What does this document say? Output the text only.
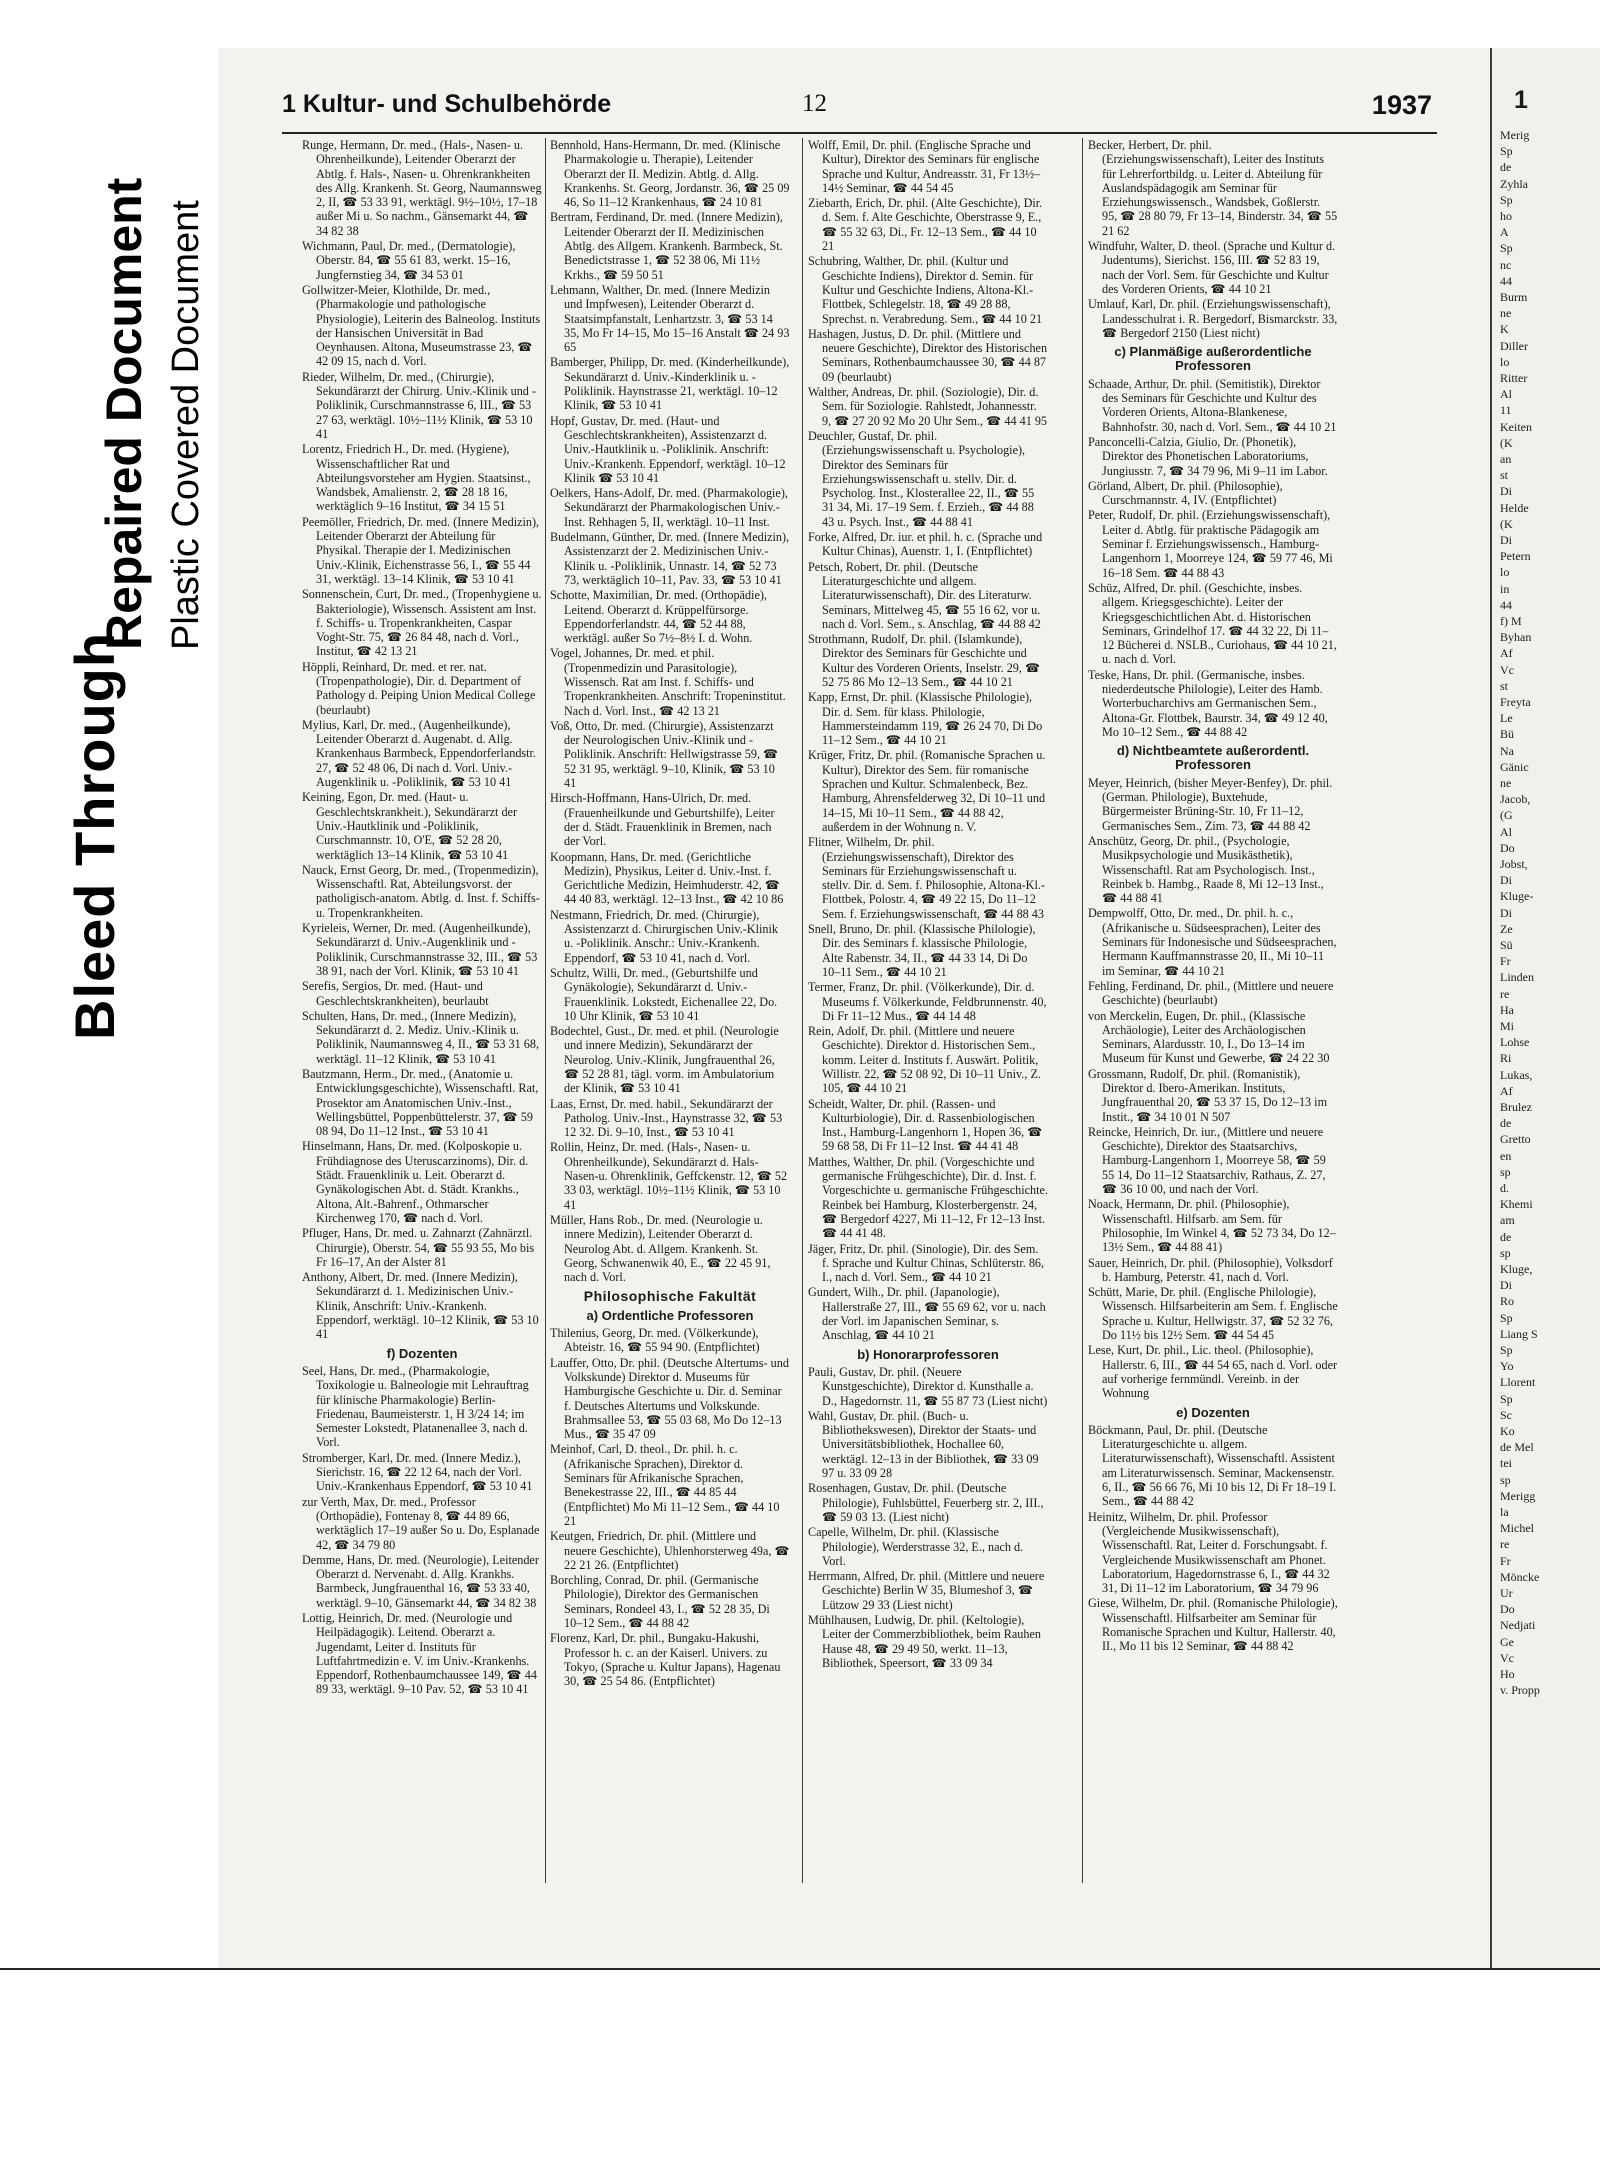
Bleed Through
Repaired Document Plastic Covered Document
1 Kultur- und Schulbehörde	12	1937
Runge, Hermann, Dr. med., (Hals-, Nasen- u. Ohrenheilkunde), Leitender Oberarzt der Abtlg. f. Hals-, Nasen- u. Ohrenkrankheiten des Allg. Krankenh. St. Georg, Naumannsweg 2, II, ☎ 53 33 91, werktägl. 9½–10½, 17–18 außer Mi u. So nachm., Gänsemarkt 44, ☎ 34 82 38
Wichmann, Paul, Dr. med., (Dermatologie), Oberstr. 84, ☎ 55 61 83, werkt. 15–16, Jungfernstieg 34, ☎ 34 53 01
Gollwitzer-Meier, Klothilde, Dr. med., (Pharmakologie und pathologische Physiologie), Leiterin des Balneolog. Instituts der Hansischen Universität in Bad Oeynhausen. Altona, Museumstrasse 23, ☎ 42 09 15, nach d. Vorl.
Rieder, Wilhelm, Dr. med., (Chirurgie), Sekundärarzt der Chirurg. Univ.-Klinik und -Poliklinik, Curschmannstrasse 6, III., ☎ 53 27 63, werktägl. 10½–11½ Klinik, ☎ 53 10 41
Lorentz, Friedrich H., Dr. med. (Hygiene), Wissenschaftlicher Rat und Abteilungsvorsteher am Hygien. Staatsinst., Wandsbek, Amalienstr. 2, ☎ 28 18 16, werktäglich 9–16 Institut, ☎ 34 15 51
Peemöller, Friedrich, Dr. med. (Innere Medizin), Leitender Oberarzt der Abteilung für Physikal. Therapie der I. Medizinischen Univ.-Klinik, Eichenstrasse 56, I., ☎ 55 44 31, werktägl. 13–14 Klinik, ☎ 53 10 41
Sonnenschein, Curt, Dr. med., (Tropenhygiene u. Bakteriologie), Wissensch. Assistent am Inst. f. Schiffs- u. Tropenkrankheiten, Caspar Voght-Str. 75, ☎ 26 84 48, nach d. Vorl., Institut, ☎ 42 13 21
Höppli, Reinhard, Dr. med. et rer. nat. (Tropenpathologie), Dir. d. Department of Pathology d. Peiping Union Medical College (beurlaubt)
Mylius, Karl, Dr. med., (Augenheilkunde), Leitender Oberarzt d. Augenabt. d. Allg. Krankenhaus Barmbeck, Eppendorferlandstr. 27, ☎ 52 48 06, Di nach d. Vorl. Univ.-Augenklinik u. -Poliklinik, ☎ 53 10 41
Keining, Egon, Dr. med. (Haut- u. Geschlechtskrankheit.), Sekundärarzt der Univ.-Hautklinik und -Poliklinik, Curschmannstr. 10, O'E, ☎ 52 28 20, werktäglich 13–14 Klinik, ☎ 53 10 41
Nauck, Ernst Georg, Dr. med., (Tropenmedizin), Wissenschaftl. Rat, Abteilungsvorst. der patholigisch-anatom. Abtlg. d. Inst. f. Schiffs- u. Tropenkrankheiten.
Kyrieleis, Werner, Dr. med. (Augenheilkunde), Sekundärarzt d. Univ.-Augenklinik und -Poliklinik, Curschmannstrasse 32, III., ☎ 53 38 91, nach der Vorl. Klinik, ☎ 53 10 41
Serefis, Sergios, Dr. med. (Haut- und Geschlechtskrankheiten), beurlaubt
Schulten, Hans, Dr. med., (Innere Medizin), Sekundärarzt d. 2. Mediz. Univ.-Klinik u. Poliklinik, Naumannsweg 4, II., ☎ 53 31 68, werktägl. 11–12 Klinik, ☎ 53 10 41
Bautzmann, Herm., Dr. med., (Anatomie u. Entwicklungsgeschichte), Wissenschaftl. Rat, Prosektor am Anatomischen Univ.-Inst., Wellingsbüttel, Poppenbüttelerstr. 37, ☎ 59 08 94, Do 11–12 Inst., ☎ 53 10 41
Hinselmann, Hans, Dr. med. (Kolposkopie u. Frühdiagnose des Uteruscarzinoms), Dir. d. Städt. Frauenklinik u. Leit. Oberarzt d. Gynäkologischen Abt. d. Städt. Krankhs., Altona, Alt.-Bahrenf., Othmarscher Kirchenweg 170, ☎ nach d. Vorl.
Pfluger, Hans, Dr. med. u. Zahnarzt (Zahnärztl. Chirurgie), Oberstr. 54, ☎ 55 93 55, Mo bis Fr 16–17, An der Alster 81
Anthony, Albert, Dr. med. (Innere Medizin), Sekundärarzt d. 1. Medizinischen Univ.-Klinik, Anschrift: Univ.-Krankenh. Eppendorf, werktägl. 10–12 Klinik, ☎ 53 10 41
f) Dozenten
Seel, Hans, Dr. med., (Pharmakologie, Toxikologie u. Balneologie mit Lehrauftrag für klinische Pharmakologie) Berlin-Friedenau, Baumeisterstr. 1, H 3/24 14; im Semester Lokstedt, Platanenallee 3, nach d. Vorl.
Stromberger, Karl, Dr. med. (Innere Mediz.), Sierichstr. 16, ☎ 22 12 64, nach der Vorl. Univ.-Krankenhaus Eppendorf, ☎ 53 10 41
zur Verth, Max, Dr. med., Professor (Orthopädie), Fontenay 8, ☎ 44 89 66, werktäglich 17–19 außer So u. Do, Esplanade 42, ☎ 34 79 80
Demme, Hans, Dr. med. (Neurologie), Leitender Oberarzt d. Nervenabt. d. Allg. Krankhs. Barmbeck, Jungfrauenthal 16, ☎ 53 33 40, werktägl. 9–10, Gänsemarkt 44, ☎ 34 82 38
Lottig, Heinrich, Dr. med. (Neurologie und Heilpädagogik). Leitend. Oberarzt a. Jugendamt, Leiter d. Instituts für Luftfahrtmedizin e. V. im Univ.-Krankenhs. Eppendorf, Rothenbaumchaussee 149, ☎ 44 89 33, werktägl. 9–10 Pav. 52, ☎ 53 10 41
Bennhold, Hans-Hermann, Dr. med. (Klinische Pharmakologie u. Therapie), Leitender Oberarzt der II. Medizin. Abtlg. d. Allg. Krankenhs. St. Georg, Jordanstr. 36, ☎ 25 09 46, So 11–12 Krankenhaus, ☎ 24 10 81
Bertram, Ferdinand, Dr. med. (Innere Medizin), Leitender Oberarzt der II. Medizinischen Abtlg. des Allgem. Krankenh. Barmbeck, St. Benedictstrasse 1, ☎ 52 38 06, Mi 11½ Krkhs., ☎ 59 50 51
Lehmann, Walther, Dr. med. (Innere Medizin und Impfwesen), Leitender Oberarzt d. Staatsimpfanstalt, Lenhartzstr. 3, ☎ 53 14 35, Mo Fr 14–15, Mo 15–16 Anstalt ☎ 24 93 65
Bamberger, Philipp, Dr. med. (Kinderheilkunde), Sekundärarzt d. Univ.-Kinderklinik u. -Poliklinik. Haynstrasse 21, werktägl. 10–12 Klinik, ☎ 53 10 41
Hopf, Gustav, Dr. med. (Haut- und Geschlechtskrankheiten), Assistenzarzt d. Univ.-Hautklinik u. -Poliklinik. Anschrift: Univ.-Krankenh. Eppendorf, werktägl. 10–12 Klinik ☎ 53 10 41
Oelkers, Hans-Adolf, Dr. med. (Pharmakologie), Sekundärarzt der Pharmakologischen Univ.-Inst. Rehhagen 5, II, werktägl. 10–11 Inst.
Budelmann, Günther, Dr. med. (Innere Medizin), Assistenzarzt der 2. Medizinischen Univ.-Klinik u. -Poliklinik, Unnastr. 14, ☎ 52 73 73, werktäglich 10–11, Pav. 33, ☎ 53 10 41
Schotte, Maximilian, Dr. med. (Orthopädie), Leitend. Oberarzt d. Krüppelfürsorge. Eppendorferlandstr. 44, ☎ 52 44 88, werktägl. außer So 7½–8½ I. d. Wohn.
Vogel, Johannes, Dr. med. et phil. (Tropenmedizin und Parasitologie), Wissensch. Rat am Inst. f. Schiffs- und Tropenkrankheiten. Anschrift: Tropeninstitut. Nach d. Vorl. Inst., ☎ 42 13 21
Voß, Otto, Dr. med. (Chirurgie), Assistenzarzt der Neurologischen Univ.-Klinik und -Poliklinik. Anschrift: Hellwigstrasse 59, ☎ 52 31 95, werktägl. 9–10, Klinik, ☎ 53 10 41
Hirsch-Hoffmann, Hans-Ulrich, Dr. med. (Frauenheilkunde und Geburtshilfe), Leiter der d. Städt. Frauenklinik in Bremen, nach der Vorl.
Koopmann, Hans, Dr. med. (Gerichtliche Medizin), Physikus, Leiter d. Univ.-Inst. f. Gerichtliche Medizin, Heimhuderstr. 42, ☎ 44 40 83, werktägl. 12–13 Inst., ☎ 42 10 86
Nestmann, Friedrich, Dr. med. (Chirurgie), Assistenzarzt d. Chirurgischen Univ.-Klinik u. -Poliklinik. Anschr.: Univ.-Krankenh. Eppendorf, ☎ 53 10 41, nach d. Vorl.
Schultz, Willi, Dr. med., (Geburtshilfe und Gynäkologie), Sekundärarzt d. Univ.-Frauenklinik. Lokstedt, Eichenallee 22, Do. 10 Uhr Klinik, ☎ 53 10 41
Bodechtel, Gust., Dr. med. et phil. (Neurologie und innere Medizin), Sekundärarzt der Neurolog. Univ.-Klinik, Jungfrauenthal 26, ☎ 52 28 81, tägl. vorm. im Ambulatorium der Klinik, ☎ 53 10 41
Laas, Ernst, Dr. med. habil., Sekundärarzt der Patholog. Univ.-Inst., Haynstrasse 32, ☎ 53 12 32. Di. 9–10, Inst., ☎ 53 10 41
Rollin, Heinz, Dr. med. (Hals-, Nasen- u. Ohrenheilkunde), Sekundärarzt d. Hals-Nasen-u. Ohrenklinik, Geffckenstr. 12, ☎ 52 33 03, werktägl. 10½–11½ Klinik, ☎ 53 10 41
Müller, Hans Rob., Dr. med. (Neurologie u. innere Medizin), Leitender Oberarzt d. Neurolog Abt. d. Allgem. Krankenh. St. Georg, Schwanenwik 40, E., ☎ 22 45 91, nach d. Vorl.
Philosophische Fakultät
a) Ordentliche Professoren
Thilenius, Georg, Dr. med. (Völkerkunde), Abteistr. 16, ☎ 55 94 90. (Entpflichtet)
Lauffer, Otto, Dr. phil. (Deutsche Altertums- und Volkskunde) Direktor d. Museums für Hamburgische Geschichte u. Dir. d. Seminar f. Deutsches Altertums und Volkskunde. Brahmsallee 53, ☎ 55 03 68, Mo Do 12–13 Mus., ☎ 35 47 09
Meinhof, Carl, D. theol., Dr. phil. h. c. (Afrikanische Sprachen), Direktor d. Seminars für Afrikanische Sprachen, Benekestrasse 22, III., ☎ 44 85 44 (Entpflichtet) Mo Mi 11–12 Sem., ☎ 44 10 21
Keutgen, Friedrich, Dr. phil. (Mittlere und neuere Geschichte), Uhlenhorsterweg 49a, ☎ 22 21 26. (Entpflichtet)
Borchling, Conrad, Dr. phil. (Germanische Philologie), Direktor des Germanischen Seminars, Rondeel 43, I., ☎ 52 28 35, Di 10–12 Sem., ☎ 44 88 42
Florenz, Karl, Dr. phil., Bungaku-Hakushi, Professor h. c. an der Kaiserl. Univers. zu Tokyo, (Sprache u. Kultur Japans), Hagenau 30, ☎ 25 54 86. (Entpflichtet)
Wolff, Emil, Dr. phil. (Englische Sprache und Kultur), Direktor des Seminars für englische Sprache und Kultur, Andreasstr. 31, Fr 13½–14½ Seminar, ☎ 44 54 45
Ziebarth, Erich, Dr. phil. (Alte Geschichte), Dir. d. Sem. f. Alte Geschichte, Oberstrasse 9, E., ☎ 55 32 63, Di., Fr. 12–13 Sem., ☎ 44 10 21
Schubring, Walther, Dr. phil. (Kultur und Geschichte Indiens), Direktor d. Semin. für Kultur und Geschichte Indiens, Altona-Kl.-Flottbek, Schlegelstr. 18, ☎ 49 28 88, Sprechst. n. Verabredung. Sem., ☎ 44 10 21
Hashagen, Justus, D. Dr. phil. (Mittlere und neuere Geschichte), Direktor des Historischen Seminars, Rothenbaumchaussee 30, ☎ 44 87 09 (beurlaubt)
Walther, Andreas, Dr. phil. (Soziologie), Dir. d. Sem. für Soziologie. Rahlstedt, Johannesstr. 9, ☎ 27 20 92 Mo 20 Uhr Sem., ☎ 44 41 95
Deuchler, Gustaf, Dr. phil. (Erziehungswissenschaft u. Psychologie), Direktor des Seminars für Erziehungswissenschaft u. stellv. Dir. d. Psycholog. Inst., Klosterallee 22, II., ☎ 55 31 34, Mi. 17–19 Sem. f. Erzieh., ☎ 44 88 43 u. Psych. Inst., ☎ 44 88 41
Forke, Alfred, Dr. iur. et phil. h. c. (Sprache und Kultur Chinas), Auenstr. 1, I. (Entpflichtet)
Petsch, Robert, Dr. phil. (Deutsche Literaturgeschichte und allgem. Literaturwissenschaft), Dir. des Literaturw. Seminars, Mittelweg 45, ☎ 55 16 62, vor u. nach d. Vorl. Sem., s. Anschlag, ☎ 44 88 42
Strothmann, Rudolf, Dr. phil. (Islamkunde), Direktor des Seminars für Geschichte und Kultur des Vorderen Orients, Inselstr. 29, ☎ 52 75 86 Mo 12–13 Sem., ☎ 44 10 21
Kapp, Ernst, Dr. phil. (Klassische Philologie), Dir. d. Sem. für klass. Philologie, Hammersteindamm 119, ☎ 26 24 70, Di Do 11–12 Sem., ☎ 44 10 21
Krüger, Fritz, Dr. phil. (Romanische Sprachen u. Kultur), Direktor des Sem. für romanische Sprachen und Kultur. Schmalenbeck, Bez. Hamburg, Ahrensfelderweg 32, Di 10–11 und 14–15, Mi 10–11 Sem., ☎ 44 88 42, außerdem in der Wohnung n. V.
Flitner, Wilhelm, Dr. phil. (Erziehungswissenschaft), Direktor des Seminars für Erziehungswissenschaft u. stellv. Dir. d. Sem. f. Philosophie, Altona-Kl.-Flottbek, Polostr. 4, ☎ 49 22 15, Do 11–12 Sem. f. Erziehungswissenschaft, ☎ 44 88 43
Snell, Bruno, Dr. phil. (Klassische Philologie), Dir. des Seminars f. klassische Philologie, Alte Rabenstr. 34, II., ☎ 44 33 14, Di Do 10–11 Sem., ☎ 44 10 21
Termer, Franz, Dr. phil. (Völkerkunde), Dir. d. Museums f. Völkerkunde, Feldbrunnenstr. 40, Di Fr 11–12 Mus., ☎ 44 14 48
Rein, Adolf, Dr. phil. (Mittlere und neuere Geschichte). Direktor d. Historischen Sem., komm. Leiter d. Instituts f. Auswärt. Politik, Willistr. 22, ☎ 52 08 92, Di 10–11 Univ., Z. 105, ☎ 44 10 21
Scheidt, Walter, Dr. phil. (Rassen- und Kulturbiologie), Dir. d. Rassenbiologischen Inst., Hamburg-Langenhorn 1, Hopen 36, ☎ 59 68 58, Di Fr 11–12 Inst. ☎ 44 41 48
Matthes, Walther, Dr. phil. (Vorgeschichte und germanische Frühgeschichte), Dir. d. Inst. f. Vorgeschichte u. germanische Frühgeschichte. Reinbek bei Hamburg, Klosterbergenstr. 24, ☎ Bergedorf 4227, Mi 11–12, Fr 12–13 Inst. ☎ 44 41 48.
Jäger, Fritz, Dr. phil. (Sinologie), Dir. des Sem. f. Sprache und Kultur Chinas, Schlüterstr. 86, I., nach d. Vorl. Sem., ☎ 44 10 21
Gundert, Wilh., Dr. phil. (Japanologie), Hallerstraße 27, III., ☎ 55 69 62, vor u. nach der Vorl. im Japanischen Seminar, s. Anschlag, ☎ 44 10 21
b) Honorarprofessoren
Pauli, Gustav, Dr. phil. (Neuere Kunstgeschichte), Direktor d. Kunsthalle a. D., Hagedornstr. 11, ☎ 55 87 73 (Liest nicht)
Wahl, Gustav, Dr. phil. (Buch- u. Bibliothekswesen), Direktor der Staats- und Universitätsbibliothek, Hochallee 60, werktägl. 12–13 in der Bibliothek, ☎ 33 09 97 u. 33 09 28
Rosenhagen, Gustav, Dr. phil. (Deutsche Philologie), Fuhlsbüttel, Feuerberg str. 2, III., ☎ 59 03 13. (Liest nicht)
Capelle, Wilhelm, Dr. phil. (Klassische Philologie), Werderstrasse 32, E., nach d. Vorl.
Herrmann, Alfred, Dr. phil. (Mittlere und neuere Geschichte) Berlin W 35, Blumeshof 3, ☎ Lützow 29 33 (Liest nicht)
Mühlhausen, Ludwig, Dr. phil. (Keltologie), Leiter der Commerzbibliothek, beim Rauhen Hause 48, ☎ 29 49 50, werkt. 11–13, Bibliothek, Speersort, ☎ 33 09 34
Becker, Herbert, Dr. phil. (Erziehungswissenschaft), Leiter des Instituts für Lehrerfortbildg. u. Leiter d. Abteilung für Auslandspädagogik am Seminar für Erziehungswissensch., Wandsbek, Goßlerstr. 95, ☎ 28 80 79, Fr 13–14, Binderstr. 34, ☎ 55 21 62
Windfuhr, Walter, D. theol. (Sprache und Kultur d. Judentums), Sierichst. 156, III. ☎ 52 83 19, nach der Vorl. Sem. für Geschichte und Kultur des Vorderen Orients, ☎ 44 10 21
Umlauf, Karl, Dr. phil. (Erziehungswissenschaft), Landesschulrat i. R. Bergedorf, Bismarckstr. 33, ☎ Bergedorf 2150 (Liest nicht)
c) Planmäßige außerordentliche Professoren
Schaade, Arthur, Dr. phil. (Semitistik), Direktor des Seminars für Geschichte und Kultur des Vorderen Orients, Altona-Blankenese, Bahnhofstr. 30, nach d. Vorl. Sem., ☎ 44 10 21
Panconcelli-Calzia, Giulio, Dr. (Phonetik), Direktor des Phonetischen Laboratoriums, Jungiusstr. 7, ☎ 34 79 96, Mi 9–11 im Labor.
Görland, Albert, Dr. phil. (Philosophie), Curschmannstr. 4, IV. (Entpflichtet)
Peter, Rudolf, Dr. phil. (Erziehungswissenschaft), Leiter d. Abtlg. für praktische Pädagogik am Seminar f. Erziehungswissensch., Hamburg-Langenhorn 1, Moorreye 124, ☎ 59 77 46, Mi 16–18 Sem. ☎ 44 88 43
Schüz, Alfred, Dr. phil. (Geschichte, insbes. allgem. Kriegsgeschichte). Leiter der Kriegsgeschichtlichen Abt. d. Historischen Seminars, Grindelhof 17. ☎ 44 32 22, Di 11–12 Bücherei d. NSLB., Curiohaus, ☎ 44 10 21, u. nach d. Vorl.
Teske, Hans, Dr. phil. (Germanische, insbes. niederdeutsche Philologie), Leiter des Hamb. Worterbucharchivs am Germanischen Sem., Altona-Gr. Flottbek, Baurstr. 34, ☎ 49 12 40, Mo 10–12 Sem., ☎ 44 88 42
d) Nichtbeamtete außerordentl. Professoren
Meyer, Heinrich, (bisher Meyer-Benfey), Dr. phil. (German. Philologie), Buxtehude, Bürgermeister Brüning-Str. 10, Fr 11–12, Germanisches Sem., Zim. 73, ☎ 44 88 42
Anschütz, Georg, Dr. phil., (Psychologie, Musikpsychologie und Musikästhetik), Wissenschaftl. Rat am Psychologisch. Inst., Reinbek b. Hambg., Raade 8, Mi 12–13 Inst., ☎ 44 88 41
Dempwolff, Otto, Dr. med., Dr. phil. h. c., (Afrikanische u. Südseesprachen), Leiter des Seminars für Indonesische und Südseesprachen, Hermann Kauffmannstrasse 20, II., Mi 10–11 im Seminar, ☎ 44 10 21
Fehling, Ferdinand, Dr. phil., (Mittlere und neuere Geschichte) (beurlaubt)
von Merckelin, Eugen, Dr. phil., (Klassische Archäologie), Leiter des Archäologischen Seminars, Alardusstr. 10, I., Do 13–14 im Museum für Kunst und Gewerbe, ☎ 24 22 30
Grossmann, Rudolf, Dr. phil. (Romanistik), Direktor d. Ibero-Amerikan. Instituts, Jungfrauenthal 20, ☎ 53 37 15, Do 12–13 im Instit., ☎ 34 10 01 N 507
Reincke, Heinrich, Dr. iur., (Mittlere und neuere Geschichte), Direktor des Staatsarchivs, Hamburg-Langenhorn 1, Moorreye 58, ☎ 59 55 14, Do 11–12 Staatsarchiv, Rathaus, Z. 27, ☎ 36 10 00, und nach der Vorl.
Noack, Hermann, Dr. phil. (Philosophie), Wissenschaftl. Hilfsarb. am Sem. für Philosophie, Im Winkel 4, ☎ 52 73 34, Do 12–13½ Sem., ☎ 44 88 41)
Sauer, Heinrich, Dr. phil. (Philosophie), Volksdorf b. Hamburg, Peterstr. 41, nach d. Vorl.
Schütt, Marie, Dr. phil. (Englische Philologie), Wissensch. Hilfsarbeiterin am Sem. f. Englische Sprache u. Kultur, Hellwigstr. 37, ☎ 52 32 76, Do 11½ bis 12½ Sem. ☎ 44 54 45
Lese, Kurt, Dr. phil., Lic. theol. (Philosophie), Hallerstr. 6, III., ☎ 44 54 65, nach d. Vorl. oder auf vorherige fernmündl. Vereinb. in der Wohnung
e) Dozenten
Böckmann, Paul, Dr. phil. (Deutsche Literaturgeschichte u. allgem. Literaturwissenschaft), Wissenschaftl. Assistent am Literaturwissensch. Seminar, Mackensenstr. 6, II., ☎ 56 66 76, Mi 10 bis 12, Di Fr 18–19 I. Sem., ☎ 44 88 42
Heinitz, Wilhelm, Dr. phil. Professor (Vergleichende Musikwissenschaft), Wissenschaftl. Rat, Leiter d. Forschungsabt. f. Vergleichende Musikwissenschaft am Phonet. Laboratorium, Hagedornstrasse 6, I., ☎ 44 32 31, Di 11–12 im Laboratorium, ☎ 34 79 96
Giese, Wilhelm, Dr. phil. (Romanische Philologie), Wissenschaftl. Hilfsarbeiter am Seminar für Romanische Sprachen und Kultur, Hallerstr. 40, II., Mo 11 bis 12 Seminar, ☎ 44 88 42
1
Merig
Sp
de
Zyhla
Sp
ho
A
Sp
nc
44
Burm
ne
K
Diller
lo
Ritter
Al
11
Keiten
(K
an
st
Di
Helde
(K
Di
Petern
lo
in
44
f) M
Byhan
Af
Vc
st
Freyta
Le
Bü
Na
Gänic
ne
Jacob,
(G
Al
Do
Jobst,
Di
Kluge-
Di
Ze
Sü
Fr
Linden
re
Ha
Mi
Lohse
Ri
Lukas,
Af
Brulez
de
Gretto
en
sp
d.
Khemi
am
de
sp
Kluge,
Di
Ro
Sp
Liang S
Sp
Yo
Llorent
Sp
Sc
Ko
de Mel
tei
sp
Merigg
la
Michel
re
Fr
Möncke
Ur
Do
Nedjati
Ge
Vc
Ho
v. Propp
